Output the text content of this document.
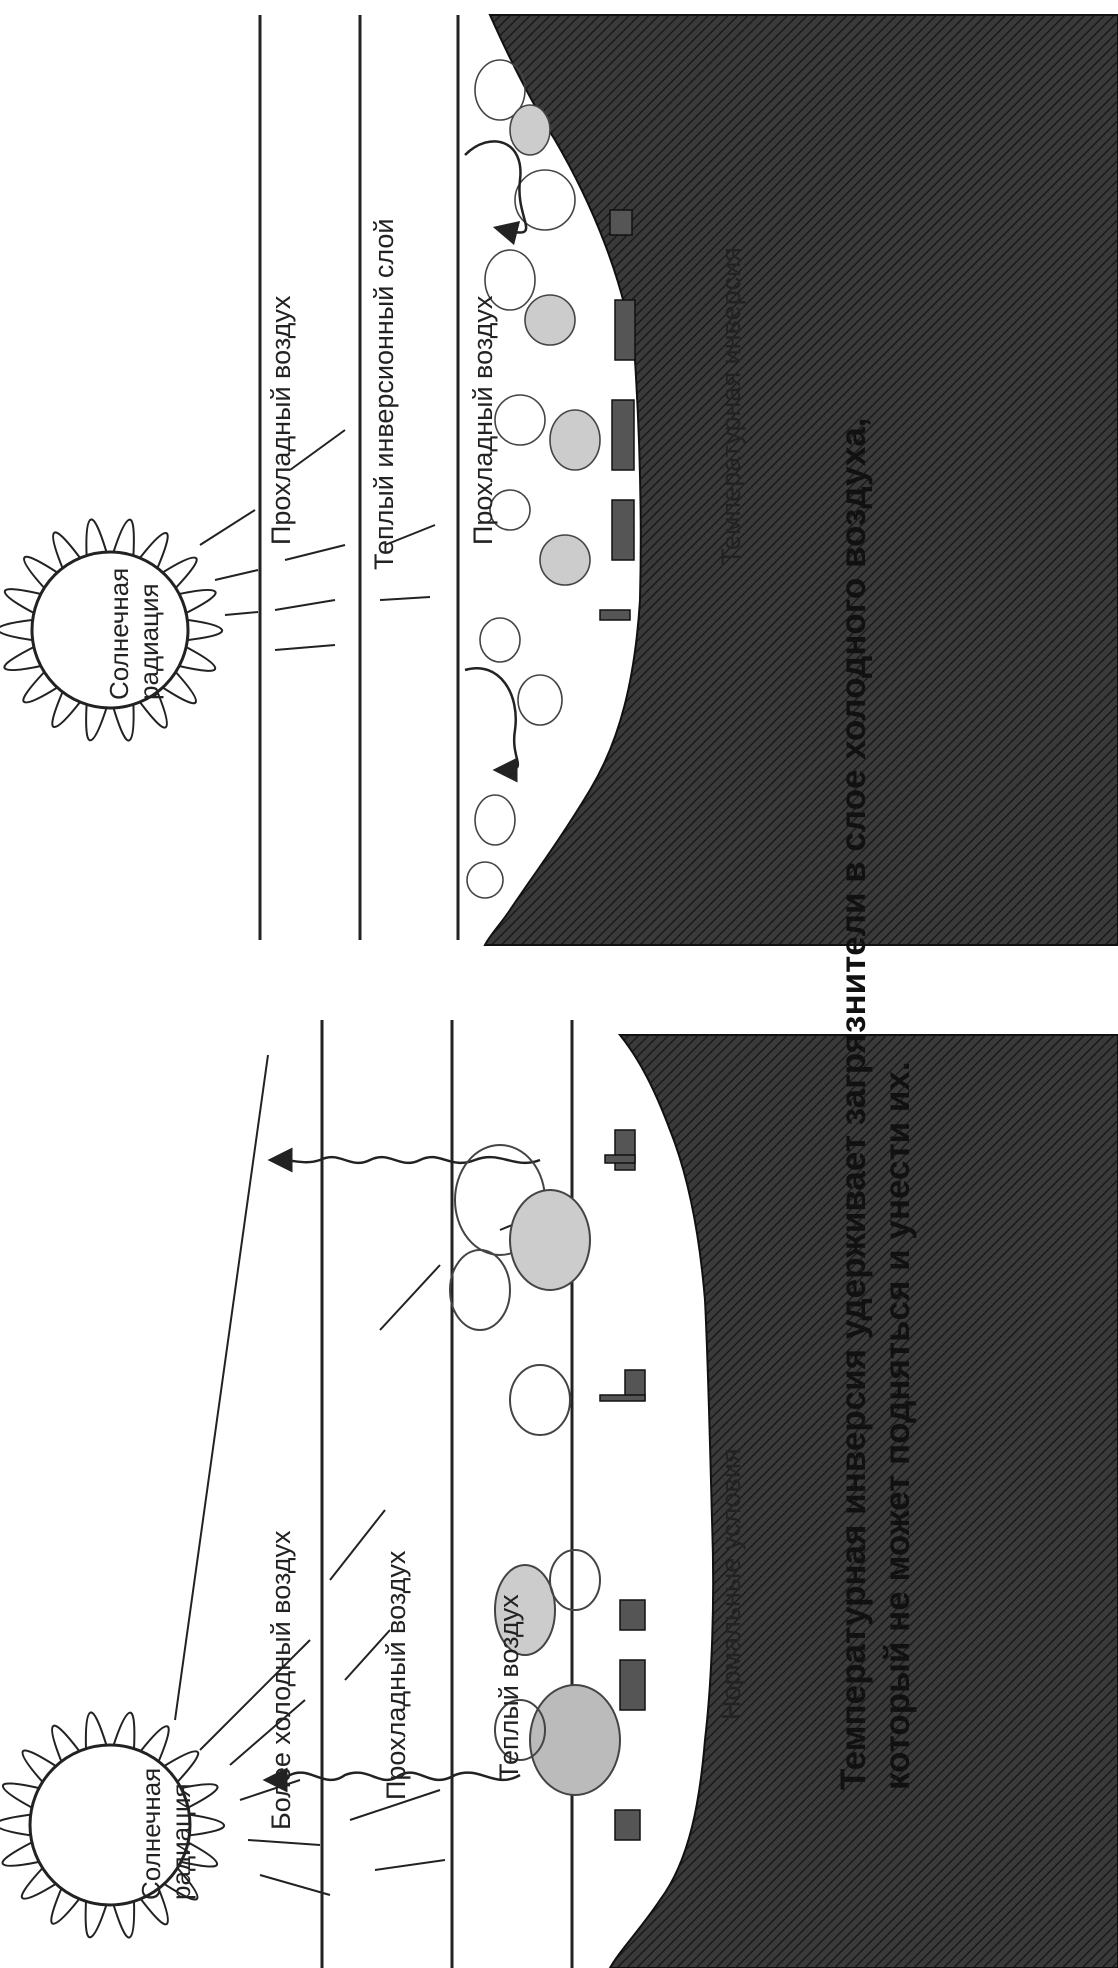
Солнечная радиация
Более холодный воздух	Прохладный воздух	Теплый воздух	Нормальные условия
Солнечная радиация
Прохладный воздух	Теплый инверсионный слой	Прохладный воздух	Температурная инверсия
Температурная инверсия удерживает загрязнители в слое холодного воздуха, который не может подняться и унести их.
